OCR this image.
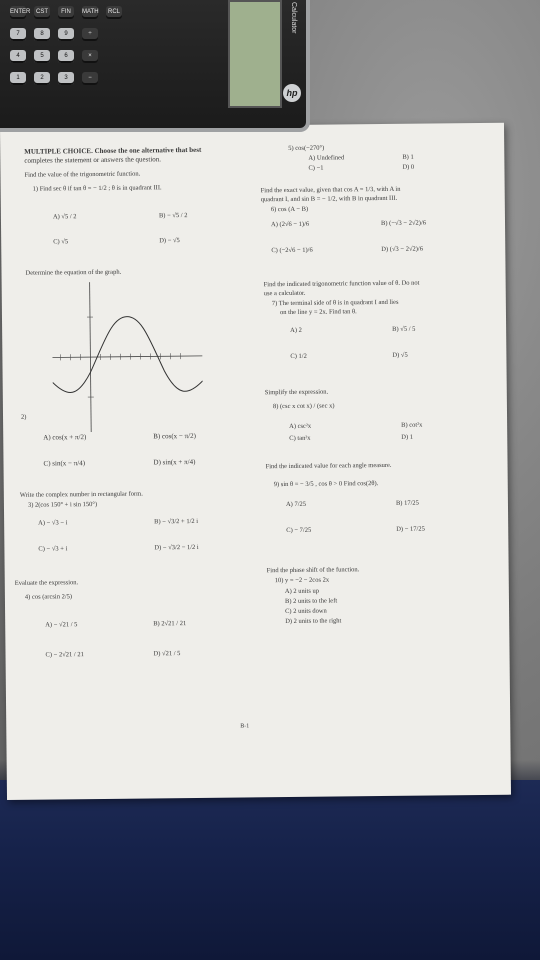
MULTIPLE CHOICE. Choose the one alternative that best
completes the statement or answers the question.
Find the value of the trigonometric function.
1) Find sec θ if tan θ = − 1/2 ; θ is in quadrant III.
A) √5 / 2	B) − √5 / 2
C) √5	D) − √5
Determine the equation of the graph.
2)
A) cos(x + π/2)	B) cos(x − π/2)
C) sin(x − π/4)	D) sin(x + π/4)
Write the complex number in rectangular form.
3) 2(cos 150° + i sin 150°)
A) − √3 − i	B) − √3/2 + 1/2 i
C) − √3 + i	D) − √3/2 − 1/2 i
Evaluate the expression.
4) cos (arcsin 2/5)
A) − √21 / 5	B) 2√21 / 21
C) − 2√21 / 21	D) √21 / 5
5) cos(−270°)
A) Undefined	B) 1
C) −1	D) 0
Find the exact value, given that cos A = 1/3, with A in
quadrant I, and sin B = − 1/2, with B in quadrant III.
6) cos (A − B)
A) (2√6 − 1)/6	B) (−√3 − 2√2)/6
C) (−2√6 − 1)/6	D) (√3 − 2√2)/6
Find the indicated trigonometric function value of θ. Do not
use a calculator.
7) The terminal side of θ is in quadrant I and lies
on the line y = 2x. Find tan θ.
A) 2	B) √5 / 5
C) 1/2	D) √5
Simplify the expression.
8) (csc x cot x) / (sec x)
A) csc²x	B) cot²x
C) tan²x	D) 1
Find the indicated value for each angle measure.
9) sin θ = − 3/5 , cos θ > 0 Find cos(2θ).
A) 7/25	B) 17/25
C) − 7/25	D) − 17/25
Find the phase shift of the function.
10) y = −2 − 2cos 2x
A) 2 units up
B) 2 units to the left
C) 2 units down
D) 2 units to the right
B-1
Calculator
hp
ENTER CST	FIN	MATH	RCL
7	8	9	÷
4	5	6	×
1	2	3	−
